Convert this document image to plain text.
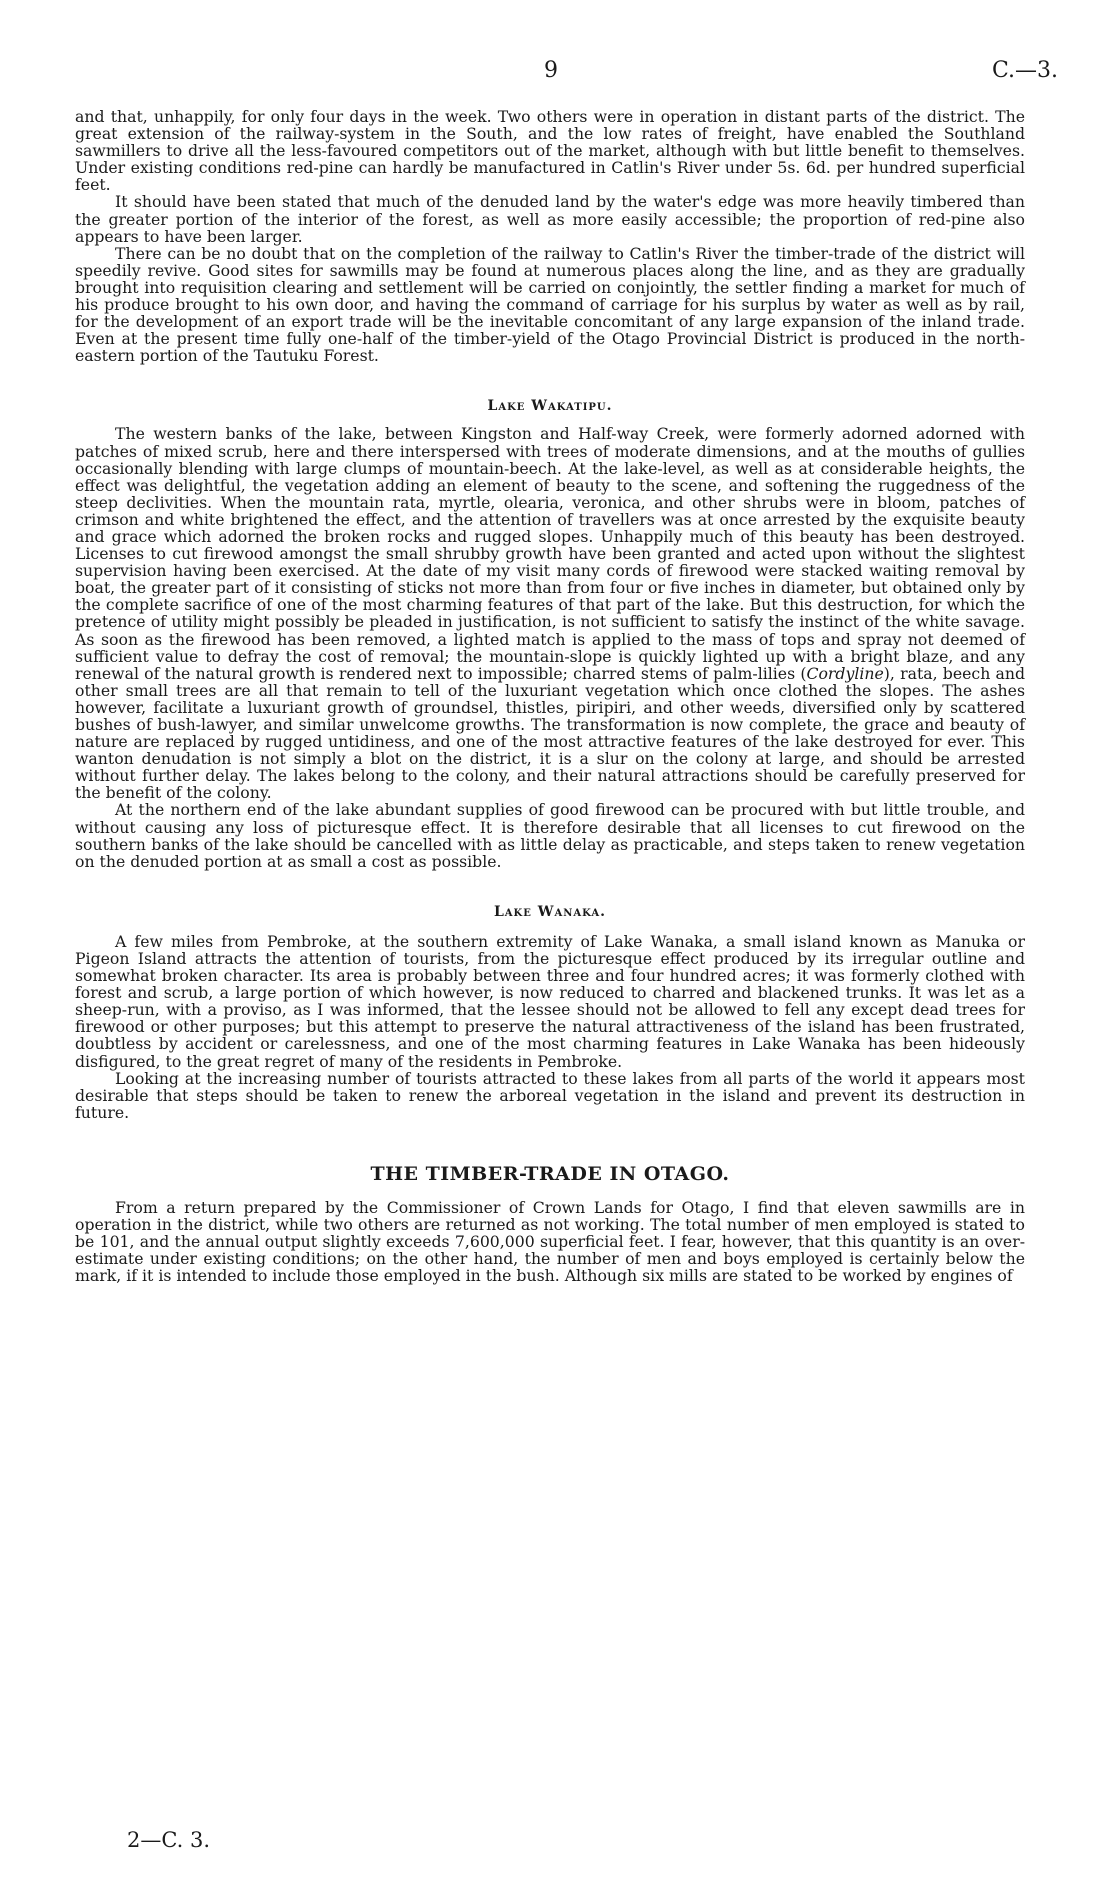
9	C.—3.

and that, unhappily, for only four days in the week. Two others were in operation in distant parts of the district. The great extension of the railway-system in the South, and the low rates of freight, have enabled the Southland sawmillers to drive all the less-favoured competitors out of the market, although with but little benefit to themselves. Under existing conditions red-pine can hardly be manufactured in Catlin's River under 5s. 6d. per hundred superficial feet.

It should have been stated that much of the denuded land by the water's edge was more heavily timbered than the greater portion of the interior of the forest, as well as more easily accessible; the proportion of red-pine also appears to have been larger.

There can be no doubt that on the completion of the railway to Catlin's River the timber-trade of the district will speedily revive. Good sites for sawmills may be found at numerous places along the line, and as they are gradually brought into requisition clearing and settlement will be carried on conjointly, the settler finding a market for much of his produce brought to his own door, and having the command of carriage for his surplus by water as well as by rail, for the development of an export trade will be the inevitable concomitant of any large expansion of the inland trade. Even at the present time fully one-half of the timber-yield of the Otago Provincial District is produced in the north-eastern portion of the Tautuku Forest.

Lake Wakatipu.

The western banks of the lake, between Kingston and Half-way Creek, were formerly adorned adorned with patches of mixed scrub, here and there interspersed with trees of moderate dimensions, and at the mouths of gullies occasionally blending with large clumps of mountain-beech. At the lake-level, as well as at considerable heights, the effect was delightful, the vegetation adding an element of beauty to the scene, and softening the ruggedness of the steep declivities. When the mountain rata, myrtle, olearia, veronica, and other shrubs were in bloom, patches of crimson and white brightened the effect, and the attention of travellers was at once arrested by the exquisite beauty and grace which adorned the broken rocks and rugged slopes. Unhappily much of this beauty has been destroyed. Licenses to cut firewood amongst the small shrubby growth have been granted and acted upon without the slightest supervision having been exercised. At the date of my visit many cords of firewood were stacked waiting removal by boat, the greater part of it consisting of sticks not more than from four or five inches in diameter, but obtained only by the complete sacrifice of one of the most charming features of that part of the lake. But this destruction, for which the pretence of utility might possibly be pleaded in justification, is not sufficient to satisfy the instinct of the white savage. As soon as the firewood has been removed, a lighted match is applied to the mass of tops and spray not deemed of sufficient value to defray the cost of removal; the mountain-slope is quickly lighted up with a bright blaze, and any renewal of the natural growth is rendered next to impossible; charred stems of palm-lilies (Cordyline), rata, beech and other small trees are all that remain to tell of the luxuriant vegetation which once clothed the slopes. The ashes however, facilitate a luxuriant growth of groundsel, thistles, piripiri, and other weeds, diversified only by scattered bushes of bush-lawyer, and similar unwelcome growths. The transformation is now complete, the grace and beauty of nature are replaced by rugged untidiness, and one of the most attractive features of the lake destroyed for ever. This wanton denudation is not simply a blot on the district, it is a slur on the colony at large, and should be arrested without further delay. The lakes belong to the colony, and their natural attractions should be carefully preserved for the benefit of the colony.

At the northern end of the lake abundant supplies of good firewood can be procured with but little trouble, and without causing any loss of picturesque effect. It is therefore desirable that all licenses to cut firewood on the southern banks of the lake should be cancelled with as little delay as practicable, and steps taken to renew vegetation on the denuded portion at as small a cost as possible.

Lake Wanaka.

A few miles from Pembroke, at the southern extremity of Lake Wanaka, a small island known as Manuka or Pigeon Island attracts the attention of tourists, from the picturesque effect produced by its irregular outline and somewhat broken character. Its area is probably between three and four hundred acres; it was formerly clothed with forest and scrub, a large portion of which however, is now reduced to charred and blackened trunks. It was let as a sheep-run, with a proviso, as I was informed, that the lessee should not be allowed to fell any except dead trees for firewood or other purposes; but this attempt to preserve the natural attractiveness of the island has been frustrated, doubtless by accident or carelessness, and one of the most charming features in Lake Wanaka has been hideously disfigured, to the great regret of many of the residents in Pembroke.

Looking at the increasing number of tourists attracted to these lakes from all parts of the world it appears most desirable that steps should be taken to renew the arboreal vegetation in the island and prevent its destruction in future.

THE TIMBER-TRADE IN OTAGO.

From a return prepared by the Commissioner of Crown Lands for Otago, I find that eleven sawmills are in operation in the district, while two others are returned as not working. The total number of men employed is stated to be 101, and the annual output slightly exceeds 7,600,000 superficial feet. I fear, however, that this quantity is an over-estimate under existing conditions; on the other hand, the number of men and boys employed is certainly below the mark, if it is intended to include those employed in the bush. Although six mills are stated to be worked by engines of

2—C. 3.
